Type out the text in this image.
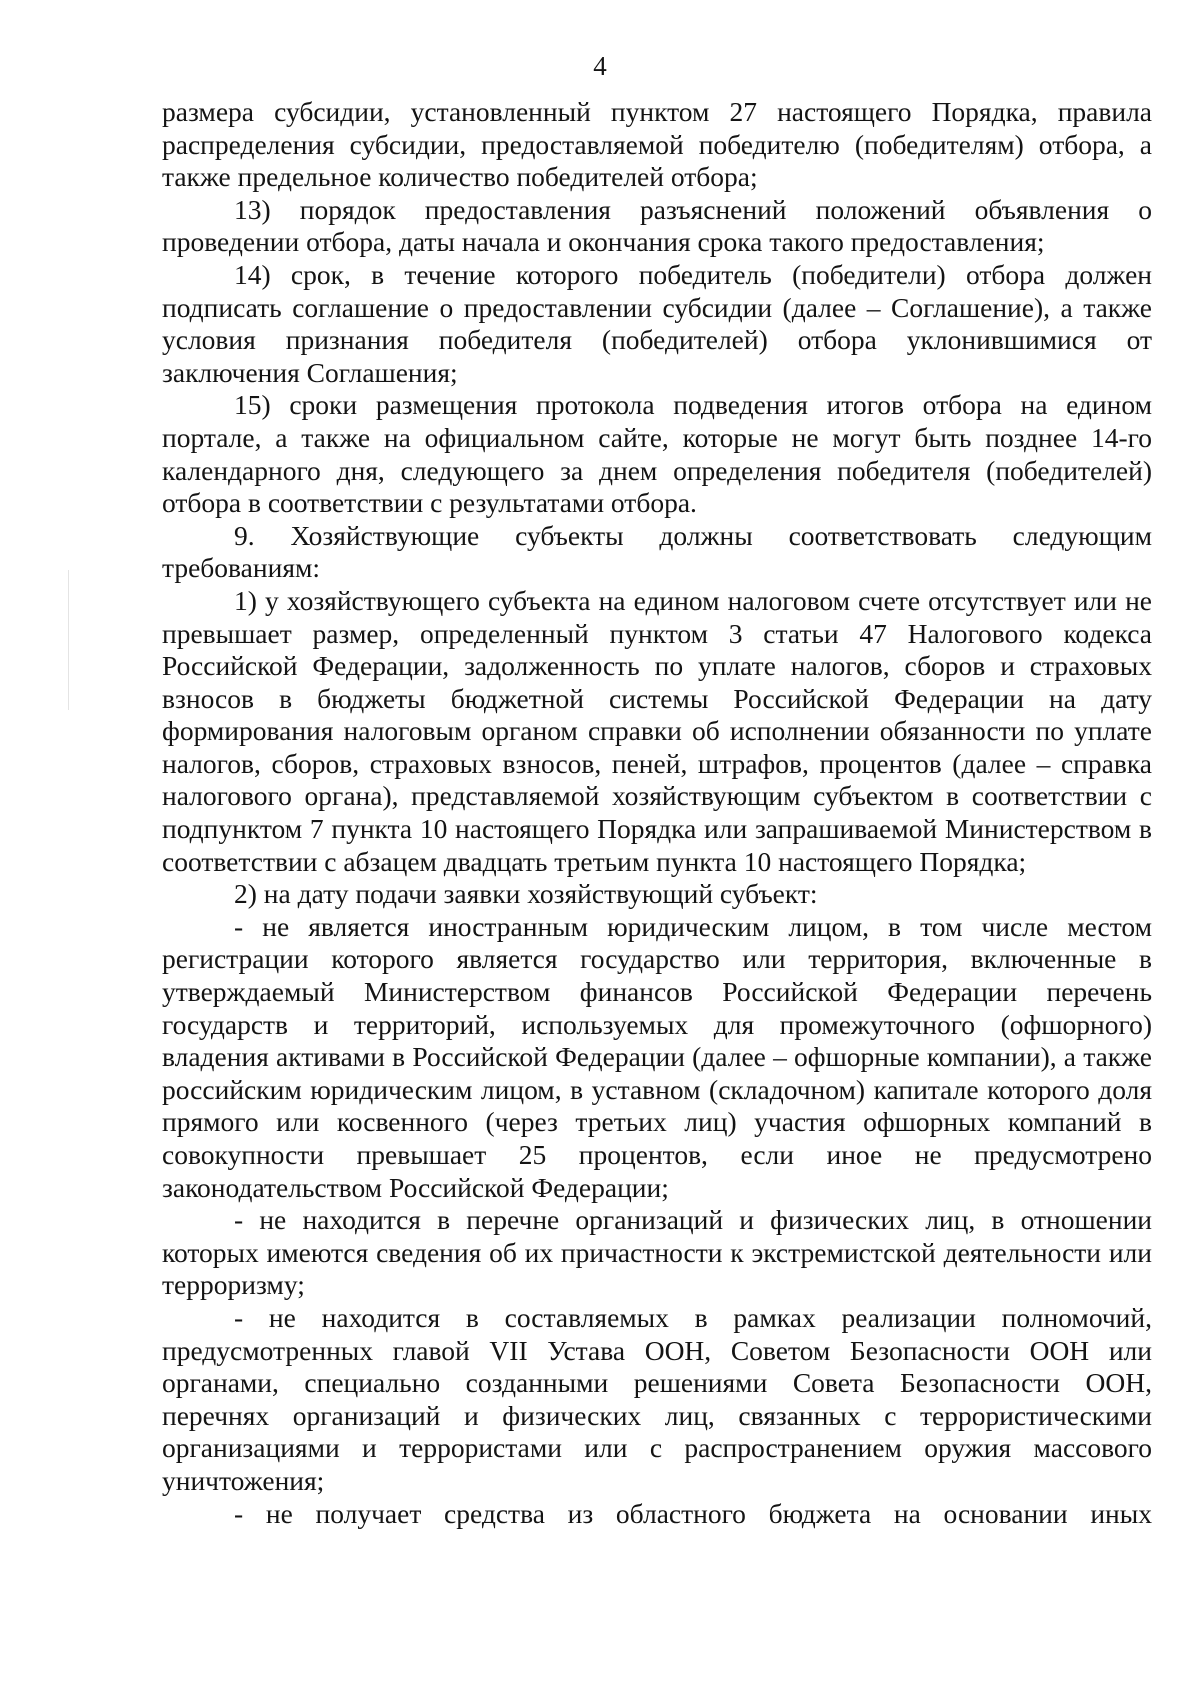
4

размера субсидии, установленный пунктом 27 настоящего Порядка, правила распределения субсидии, предоставляемой победителю (победителям) отбора, а также предельное количество победителей отбора;

13) порядок предоставления разъяснений положений объявления о проведении отбора, даты начала и окончания срока такого предоставления;

14) срок, в течение которого победитель (победители) отбора должен подписать соглашение о предоставлении субсидии (далее – Соглашение), а также условия признания победителя (победителей) отбора уклонившимися от заключения Соглашения;

15) сроки размещения протокола подведения итогов отбора на едином портале, а также на официальном сайте, которые не могут быть позднее 14-го календарного дня, следующего за днем определения победителя (победителей) отбора в соответствии с результатами отбора.

9. Хозяйствующие субъекты должны соответствовать следующим требованиям:

1) у хозяйствующего субъекта на едином налоговом счете отсутствует или не превышает размер, определенный пунктом 3 статьи 47 Налогового кодекса Российской Федерации, задолженность по уплате налогов, сборов и страховых взносов в бюджеты бюджетной системы Российской Федерации на дату формирования налоговым органом справки об исполнении обязанности по уплате налогов, сборов, страховых взносов, пеней, штрафов, процентов (далее – справка налогового органа), представляемой хозяйствующим субъектом в соответствии с подпунктом 7 пункта 10 настоящего Порядка или запрашиваемой Министерством в соответствии с абзацем двадцать третьим пункта 10 настоящего Порядка;

2) на дату подачи заявки хозяйствующий субъект:

- не является иностранным юридическим лицом, в том числе местом регистрации которого является государство или территория, включенные в утверждаемый Министерством финансов Российской Федерации перечень государств и территорий, используемых для промежуточного (офшорного) владения активами в Российской Федерации (далее – офшорные компании), а также российским юридическим лицом, в уставном (складочном) капитале которого доля прямого или косвенного (через третьих лиц) участия офшорных компаний в совокупности превышает 25 процентов, если иное не предусмотрено законодательством Российской Федерации;

- не находится в перечне организаций и физических лиц, в отношении которых имеются сведения об их причастности к экстремистской деятельности или терроризму;

- не находится в составляемых в рамках реализации полномочий, предусмотренных главой VII Устава ООН, Советом Безопасности ООН или органами, специально созданными решениями Совета Безопасности ООН, перечнях организаций и физических лиц, связанных с террористическими организациями и террористами или с распространением оружия массового уничтожения;

- не получает средства из областного бюджета на основании иных
